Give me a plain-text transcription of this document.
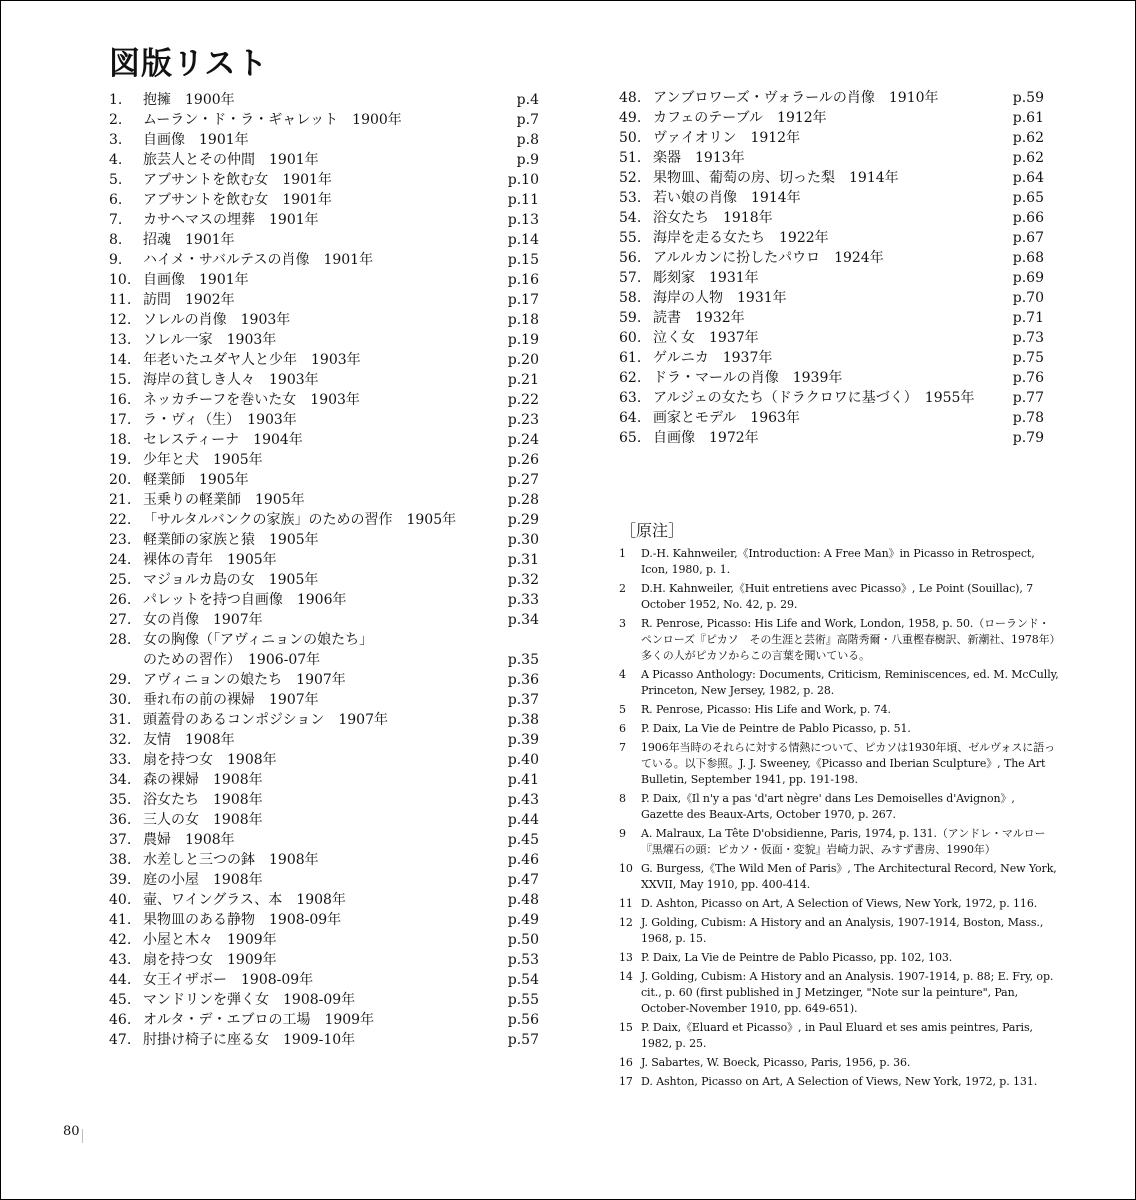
図版リスト
1.	抱擁　1900年	p.4
2.	ムーラン・ド・ラ・ギャレット　1900年	p.7
3.	自画像　1901年	p.8
4.	旅芸人とその仲間　1901年	p.9
5.	アブサントを飲む女　1901年	p.10
6.	アブサントを飲む女　1901年	p.11
7.	カサヘマスの埋葬　1901年	p.13
8.	招魂　1901年	p.14
9.	ハイメ・サバルテスの肖像　1901年	p.15
10. 自画像　1901年	p.16
11. 訪問　1902年	p.17
12. ソレルの肖像　1903年	p.18
13. ソレル一家　1903年	p.19
14. 年老いたユダヤ人と少年　1903年	p.20
15. 海岸の貧しき人々　1903年	p.21
16. ネッカチーフを巻いた女　1903年	p.22
17. ラ・ヴィ（生）　1903年	p.23
18. セレスティーナ　1904年	p.24
19. 少年と犬　1905年	p.26
20. 軽業師　1905年	p.27
21. 玉乗りの軽業師　1905年	p.28
22. 「サルタルバンクの家族」のための習作　1905年	p.29
23. 軽業師の家族と猿　1905年	p.30
24. 裸体の青年　1905年	p.31
25. マジョルカ島の女　1905年	p.32
26. パレットを持つ自画像　1906年	p.33
27. 女の肖像　1907年	p.34
28. 女の胸像（「アヴィニョンの娘たち」
のための習作）　1906-07年	p.35
29. アヴィニョンの娘たち　1907年	p.36
30. 垂れ布の前の裸婦　1907年	p.37
31. 頭蓋骨のあるコンポジション　1907年	p.38
32. 友情　1908年	p.39
33. 扇を持つ女　1908年	p.40
34. 森の裸婦　1908年	p.41
35. 浴女たち　1908年	p.43
36. 三人の女　1908年	p.44
37. 農婦　1908年	p.45
38. 水差しと三つの鉢　1908年	p.46
39. 庭の小屋　1908年	p.47
40. 壷、ワイングラス、本　1908年	p.48
41. 果物皿のある静物　1908-09年	p.49
42. 小屋と木々　1909年	p.50
43. 扇を持つ女　1909年	p.53
44. 女王イザボー　1908-09年	p.54
45. マンドリンを弾く女　1908-09年	p.55
46. オルタ・デ・エブロの工場　1909年	p.56
47. 肘掛け椅子に座る女　1909-10年	p.57
48. アンブロワーズ・ヴォラールの肖像　1910年	p.59
49. カフェのテーブル　1912年	p.61
50. ヴァイオリン　1912年	p.62
51. 楽器　1913年	p.62
52. 果物皿、葡萄の房、切った梨　1914年	p.64
53. 若い娘の肖像　1914年	p.65
54. 浴女たち　1918年	p.66
55. 海岸を走る女たち　1922年	p.67
56. アルルカンに扮したパウロ　1924年	p.68
57. 彫刻家　1931年	p.69
58. 海岸の人物　1931年	p.70
59. 読書　1932年	p.71
60. 泣く女　1937年	p.73
61. ゲルニカ　1937年	p.75
62. ドラ・マールの肖像　1939年	p.76
63. アルジェの女たち（ドラクロワに基づく）　1955年	p.77
64. 画家とモデル　1963年	p.78
65. 自画像　1972年	p.79
［原注］
1	D.-H. Kahnweiler,《Introduction: A Free Man》in Picasso in Retrospect, Icon, 1980, p. 1.
2	D.H. Kahnweiler,《Huit entretiens avec Picasso》, Le Point (Souillac), 7 October 1952, No. 42, p. 29.
3	R. Penrose, Picasso: His Life and Work, London, 1958, p. 50.（ローランド・ペンローズ『ピカソ　その生涯と芸術』高階秀爾・八重樫春樹訳、新潮社、1978年）多くの人がピカソからこの言葉を聞いている。
4	A Picasso Anthology: Documents, Criticism, Reminiscences, ed. M. McCully, Princeton, New Jersey, 1982, p. 28.
5	R. Penrose, Picasso: His Life and Work, p. 74.
6	P. Daix, La Vie de Peintre de Pablo Picasso, p. 51.
7	1906年当時のそれらに対する情熱について、ピカソは1930年頃、ゼルヴォスに語っている。以下参照。J. J. Sweeney,《Picasso and Iberian Sculpture》, The Art Bulletin, September 1941, pp. 191-198.
8	P. Daix,《Il n'y a pas 'd'art nègre' dans Les Demoiselles d'Avignon》, Gazette des Beaux-Arts, October 1970, p. 267.
9	A. Malraux, La Tête D'obsidienne, Paris, 1974, p. 131.（アンドレ・マルロー『黒燿石の頭：ピカソ・仮面・変貌』岩崎力訳、みすず書房、1990年）
10 G. Burgess,《The Wild Men of Paris》, The Architectural Record, New York, XXVII, May 1910, pp. 400-414.
11 D. Ashton, Picasso on Art, A Selection of Views, New York, 1972, p. 116.
12 J. Golding, Cubism: A History and an Analysis, 1907-1914, Boston, Mass., 1968, p. 15.
13 P. Daix, La Vie de Peintre de Pablo Picasso, pp. 102, 103.
14 J. Golding, Cubism: A History and an Analysis. 1907-1914, p. 88; E. Fry, op. cit., p. 60 (first published in J Metzinger, "Note sur la peinture", Pan, October-November 1910, pp. 649-651).
15 P. Daix,《Eluard et Picasso》, in Paul Eluard et ses amis peintres, Paris, 1982, p. 25.
16 J. Sabartes, W. Boeck, Picasso, Paris, 1956, p. 36.
17 D. Ashton, Picasso on Art, A Selection of Views, New York, 1972, p. 131.
80
